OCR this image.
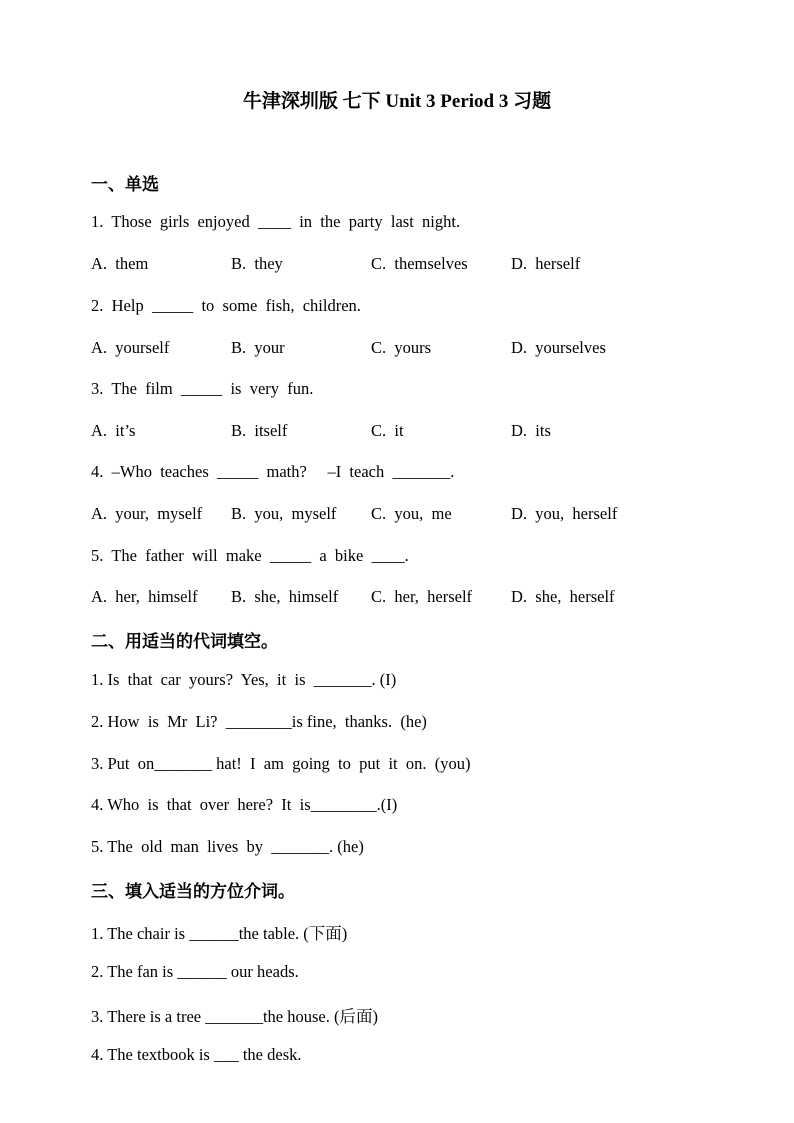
牛津深圳版 七下 Unit 3 Period 3 习题
一、单选
1.  Those  girls  enjoyed  ____  in  the  party  last  night.
A.  them	B.  they	C.  themselves	D.  herself
2.  Help  _____  to  some  fish,  children.
A.  yourself	B.  your	C.  yours	D.  yourselves
3.  The  film  _____  is  very  fun.
A.  it’s	B.  itself	C.  it	D.  its
4.  –Who  teaches  _____  math?     –I  teach  _______.
A.  your,  myself B.  you,  myself C.  you,  me	D.  you,  herself
5.  The  father  will  make  _____  a  bike  ____.
A.  her,  himself B.  she,  himself C.  her,  herself D.  she,  herself
二、用适当的代词填空。
1. Is  that  car  yours?  Yes,  it  is  _______. (I)
2. How  is  Mr  Li?  ________is fine,  thanks.  (he)
3. Put  on_______ hat!  I  am  going  to  put  it  on.  (you)
4. Who  is  that  over  here?  It  is________.(I)
5. The  old  man  lives  by  _______. (he)
三、填入适当的方位介词。
1. The chair is ______the table. (下面)
2. The fan is ______ our heads.
3. There is a tree _______the house. (后面)
4. The textbook is ___ the desk.
